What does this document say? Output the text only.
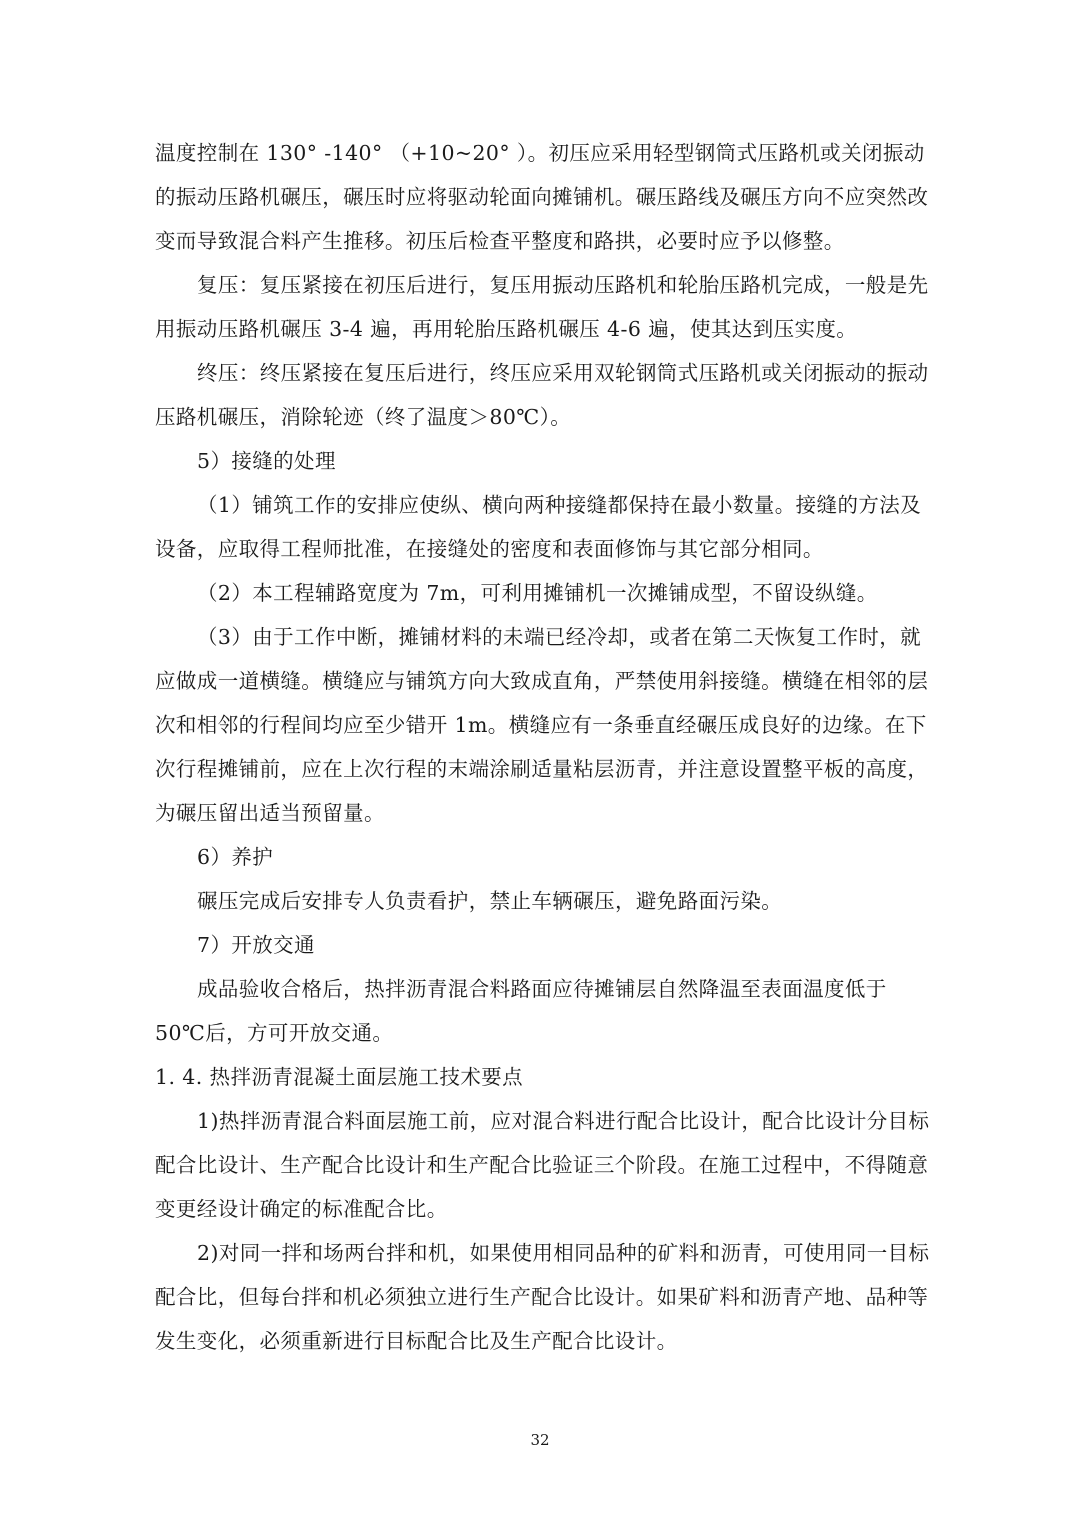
温度控制在 130° -140° （+10~20° ）。初压应采用轻型钢筒式压路机或关闭振动
的振动压路机碾压，碾压时应将驱动轮面向摊铺机。碾压路线及碾压方向不应突然改
变而导致混合料产生推移。初压后检查平整度和路拱，必要时应予以修整。
复压：复压紧接在初压后进行，复压用振动压路机和轮胎压路机完成，一般是先
用振动压路机碾压 3-4 遍，再用轮胎压路机碾压 4-6 遍，使其达到压实度。
终压：终压紧接在复压后进行，终压应采用双轮钢筒式压路机或关闭振动的振动
压路机碾压，消除轮迹（终了温度＞80℃）。
5）接缝的处理
（1）铺筑工作的安排应使纵、横向两种接缝都保持在最小数量。接缝的方法及
设备，应取得工程师批准，在接缝处的密度和表面修饰与其它部分相同。
（2）本工程辅路宽度为 7m，可利用摊铺机一次摊铺成型，不留设纵缝。
（3）由于工作中断，摊铺材料的未端已经冷却，或者在第二天恢复工作时，就
应做成一道横缝。横缝应与铺筑方向大致成直角，严禁使用斜接缝。横缝在相邻的层
次和相邻的行程间均应至少错开 1m。横缝应有一条垂直经碾压成良好的边缘。在下
次行程摊铺前，应在上次行程的末端涂刷适量粘层沥青，并注意设置整平板的高度，
为碾压留出适当预留量。
6）养护
碾压完成后安排专人负责看护，禁止车辆碾压，避免路面污染。
7）开放交通
成品验收合格后，热拌沥青混合料路面应待摊铺层自然降温至表面温度低于
50℃后，方可开放交通。
1. 4. 热拌沥青混凝土面层施工技术要点
1)热拌沥青混合料面层施工前，应对混合料进行配合比设计，配合比设计分目标
配合比设计、生产配合比设计和生产配合比验证三个阶段。在施工过程中，不得随意
变更经设计确定的标准配合比。
2)对同一拌和场两台拌和机，如果使用相同品种的矿料和沥青，可使用同一目标
配合比，但每台拌和机必须独立进行生产配合比设计。如果矿料和沥青产地、品种等
发生变化，必须重新进行目标配合比及生产配合比设计。
32
